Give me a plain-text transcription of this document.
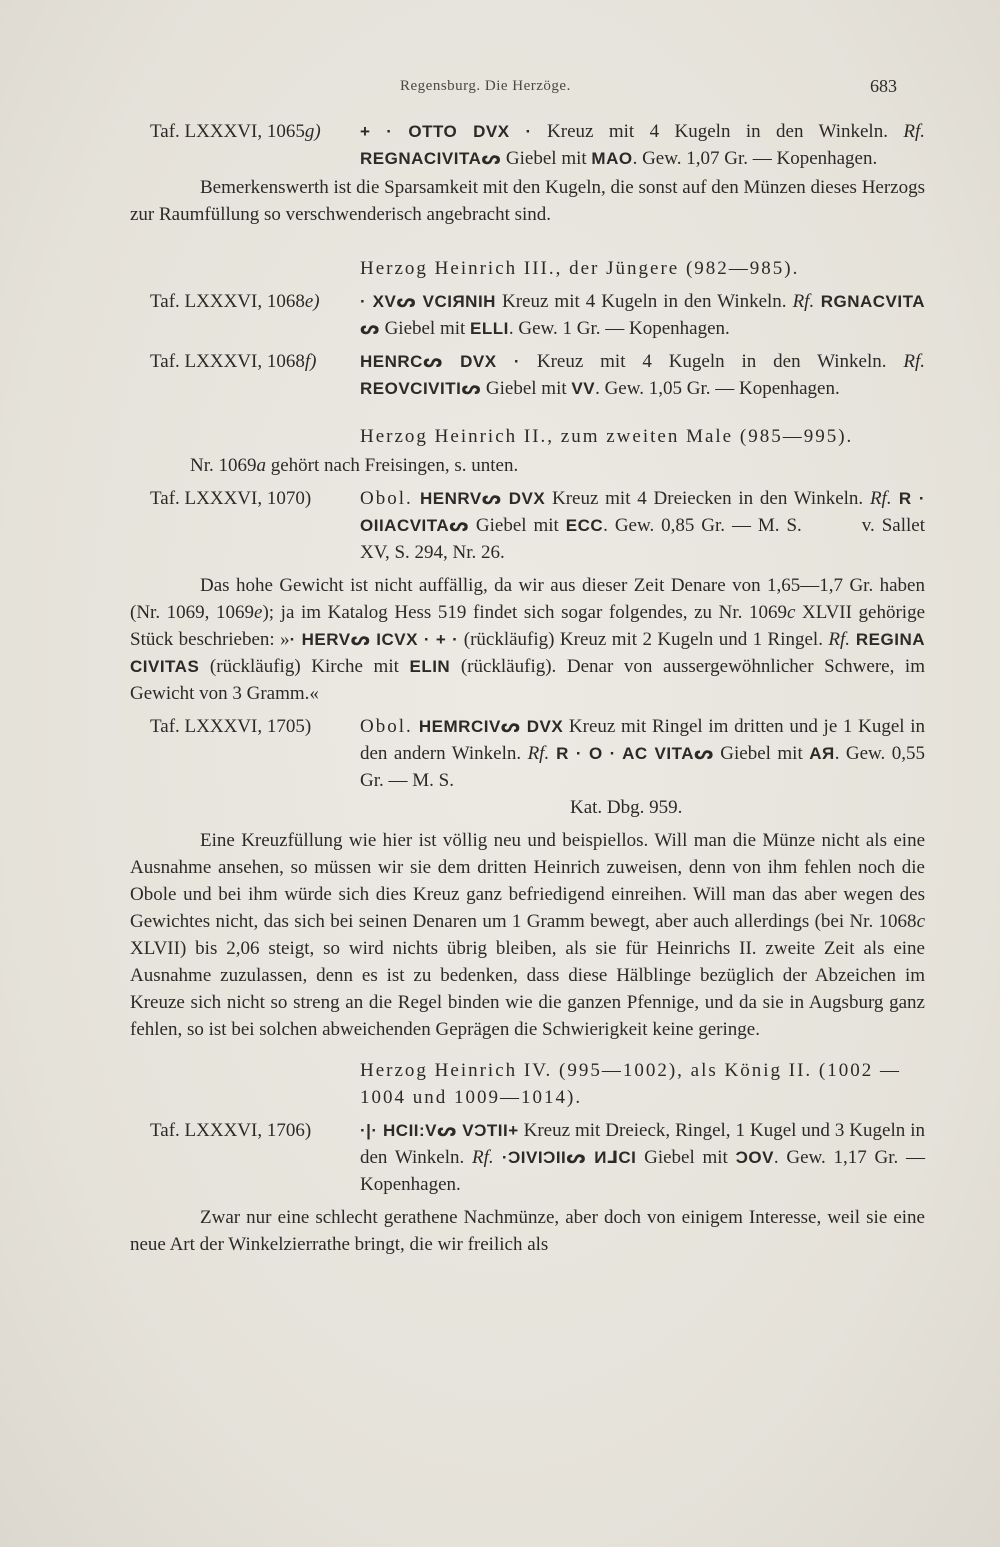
Regensburg. Die Herzöge.	683
Taf. LXXXVI, 1065g)	+ · OTTO DVX · Kreuz mit 4 Kugeln in den Winkeln. Rf. REGNACIVITAᔕ Giebel mit MAO. Gew. 1,07 Gr. — Kopenhagen.
Bemerkenswerth ist die Sparsamkeit mit den Kugeln, die sonst auf den Münzen dieses Herzogs zur Raumfüllung so verschwenderisch angebracht sind.
Herzog Heinrich III., der Jüngere (982—985).
Taf. LXXXVI, 1068e)	· XVᔕ VCIЯNIH Kreuz mit 4 Kugeln in den Winkeln. Rf. RGNACVITA ᔕ Giebel mit ELLI. Gew. 1 Gr. — Kopenhagen.
Taf. LXXXVI, 1068f)	HENRCᔕ DVX · Kreuz mit 4 Kugeln in den Winkeln. Rf. REOVCIVITIᔕ Giebel mit VV. Gew. 1,05 Gr. — Kopenhagen.
Herzog Heinrich II., zum zweiten Male (985—995).
Nr. 1069a gehört nach Freisingen, s. unten.
Taf. LXXXVI, 1070)	Obol. HENRVᔕ DVX Kreuz mit 4 Dreiecken in den Winkeln. Rf. R · OIIACVITAᔕ Giebel mit ECC. Gew. 0,85 Gr. — M. S.	v. Sallet XV, S. 294, Nr. 26.
Das hohe Gewicht ist nicht auffällig, da wir aus dieser Zeit Denare von 1,65—1,7 Gr. haben (Nr. 1069, 1069e); ja im Katalog Hess 519 findet sich sogar folgendes, zu Nr. 1069c XLVII gehörige Stück beschrieben: »· HERVᔕ ICVX · + · (rückläufig) Kreuz mit 2 Kugeln und 1 Ringel. Rf. REGINA CIVITAS (rückläufig) Kirche mit ELIN (rückläufig). Denar von aussergewöhnlicher Schwere, im Gewicht von 3 Gramm.«
Taf. LXXXVI, 1705)	Obol. HEMRCIVᔕ DVX Kreuz mit Ringel im dritten und je 1 Kugel in den andern Winkeln. Rf. R · O · AC VITAᔕ Giebel mit AЯ. Gew. 0,55 Gr. — M. S.
Kat. Dbg. 959.
Eine Kreuzfüllung wie hier ist völlig neu und beispiellos. Will man die Münze nicht als eine Ausnahme ansehen, so müssen wir sie dem dritten Heinrich zuweisen, denn von ihm fehlen noch die Obole und bei ihm würde sich dies Kreuz ganz befriedigend einreihen. Will man das aber wegen des Gewichtes nicht, das sich bei seinen Denaren um 1 Gramm bewegt, aber auch allerdings (bei Nr. 1068c XLVII) bis 2,06 steigt, so wird nichts übrig bleiben, als sie für Heinrichs II. zweite Zeit als eine Ausnahme zuzulassen, denn es ist zu bedenken, dass diese Hälblinge bezüglich der Abzeichen im Kreuze sich nicht so streng an die Regel binden wie die ganzen Pfennige, und da sie in Augsburg ganz fehlen, so ist bei solchen abweichenden Geprägen die Schwierigkeit keine geringe.
Herzog Heinrich IV. (995—1002), als König II. (1002 —1004 und 1009—1014).
Taf. LXXXVI, 1706)	·|· HCII:Vᔕ VƆTII+ Kreuz mit Dreieck, Ringel, 1 Kugel und 3 Kugeln in den Winkeln. Rf. ·ƆIVIƆIIᔕ И⅃CI Giebel mit ƆOV. Gew. 1,17 Gr. — Kopenhagen.
Zwar nur eine schlecht gerathene Nachmünze, aber doch von einigem Interesse, weil sie eine neue Art der Winkelzierrathe bringt, die wir freilich als
